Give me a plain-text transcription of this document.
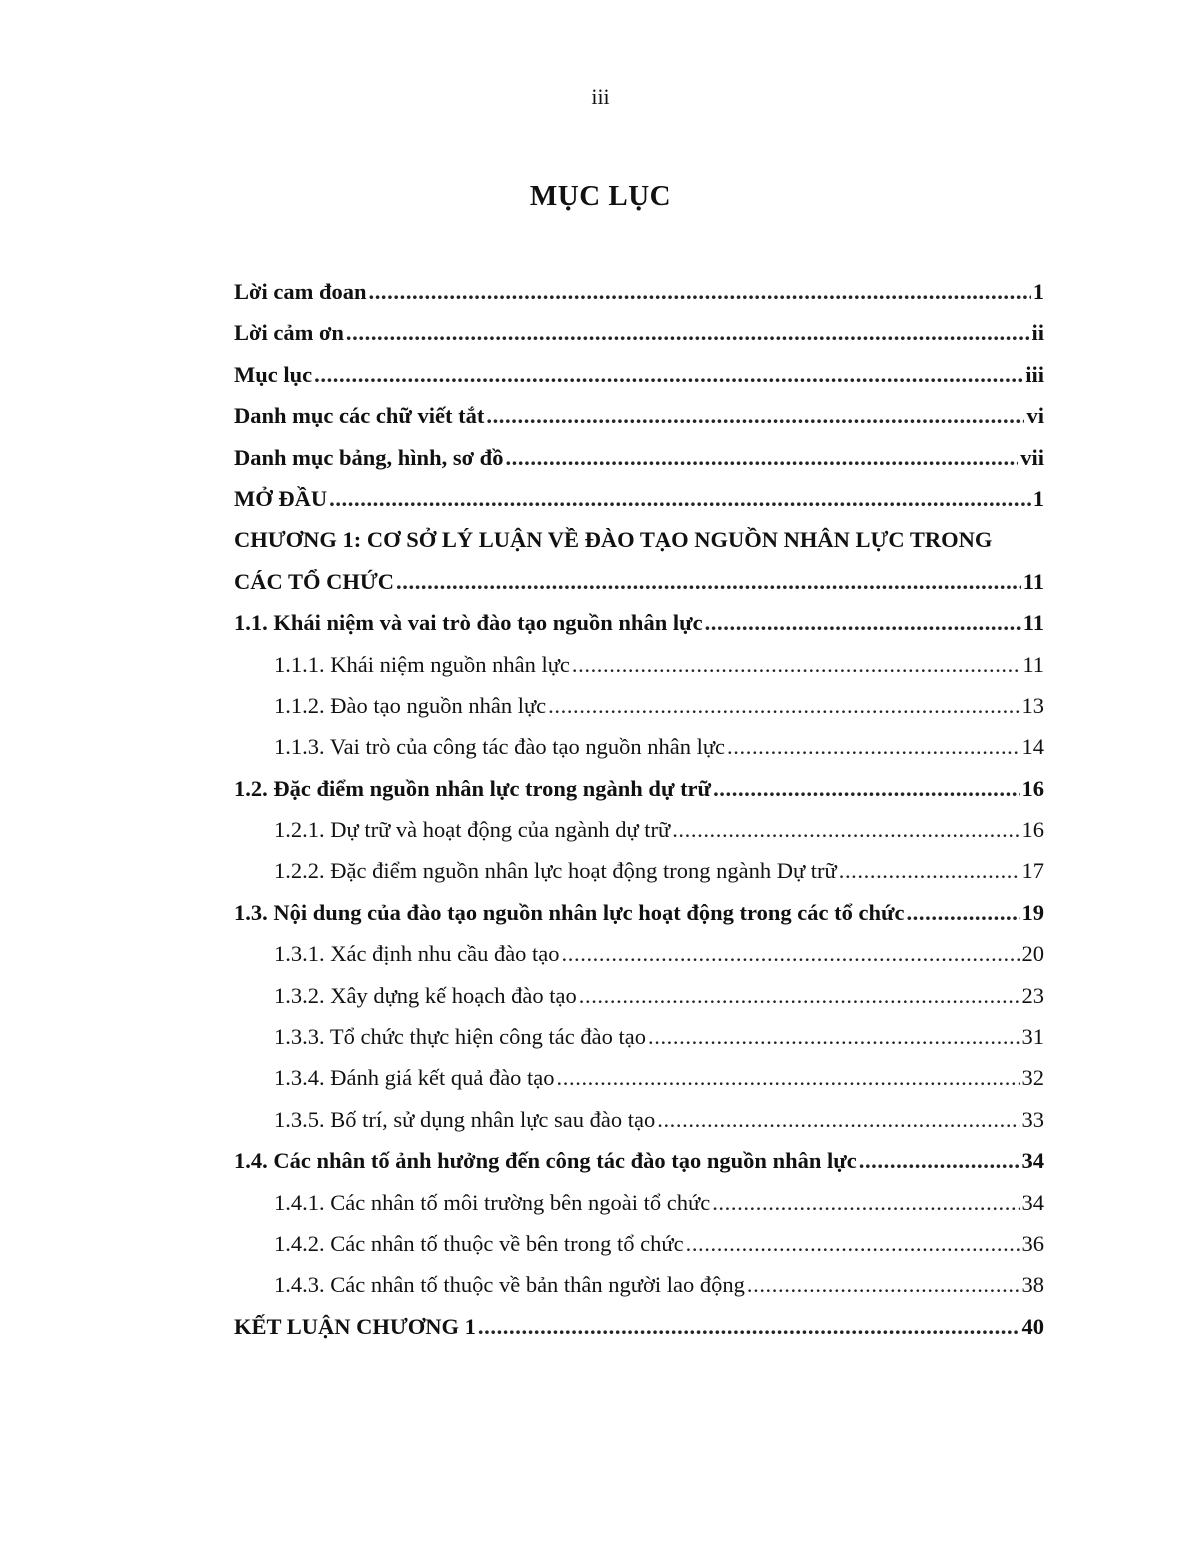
iii
MỤC LỤC
Lời cam đoan .....	1
Lời cảm ơn .....	ii
Mục lục .....	iii
Danh mục các chữ viết tắt .....	vi
Danh mục bảng, hình, sơ đồ .....	vii
MỞ ĐẦU .....	1
CHƯƠNG 1: CƠ SỞ LÝ LUẬN VỀ ĐÀO TẠO NGUỒN NHÂN LỰC TRONG
CÁC TỔ CHỨC .....	11
1.1. Khái niệm và vai trò đào tạo nguồn nhân lực .....	11
1.1.1. Khái niệm nguồn nhân lực .....	11
1.1.2. Đào tạo nguồn nhân lực .....	13
1.1.3. Vai trò của công tác đào tạo nguồn nhân lực .....	14
1.2. Đặc điểm nguồn nhân lực trong ngành dự trữ .....	16
1.2.1. Dự trữ và hoạt động của ngành dự trữ .....	16
1.2.2. Đặc điểm nguồn nhân lực hoạt động trong ngành Dự trữ .....	17
1.3. Nội dung của đào tạo nguồn nhân lực hoạt động trong các tổ chức .....	19
1.3.1. Xác định nhu cầu đào tạo .....	20
1.3.2. Xây dựng kế hoạch đào tạo .....	23
1.3.3. Tổ chức thực hiện công tác đào tạo .....	31
1.3.4. Đánh giá kết quả đào tạo .....	32
1.3.5. Bố trí, sử dụng nhân lực sau đào tạo .....	33
1.4. Các nhân tố ảnh hưởng đến công tác đào tạo nguồn nhân lực .....	34
1.4.1. Các nhân tố môi trường bên ngoài tổ chức .....	34
1.4.2. Các nhân tố thuộc về bên trong tổ chức .....	36
1.4.3. Các nhân tố thuộc về bản thân người lao động .....	38
KẾT LUẬN CHƯƠNG 1 .....	40
